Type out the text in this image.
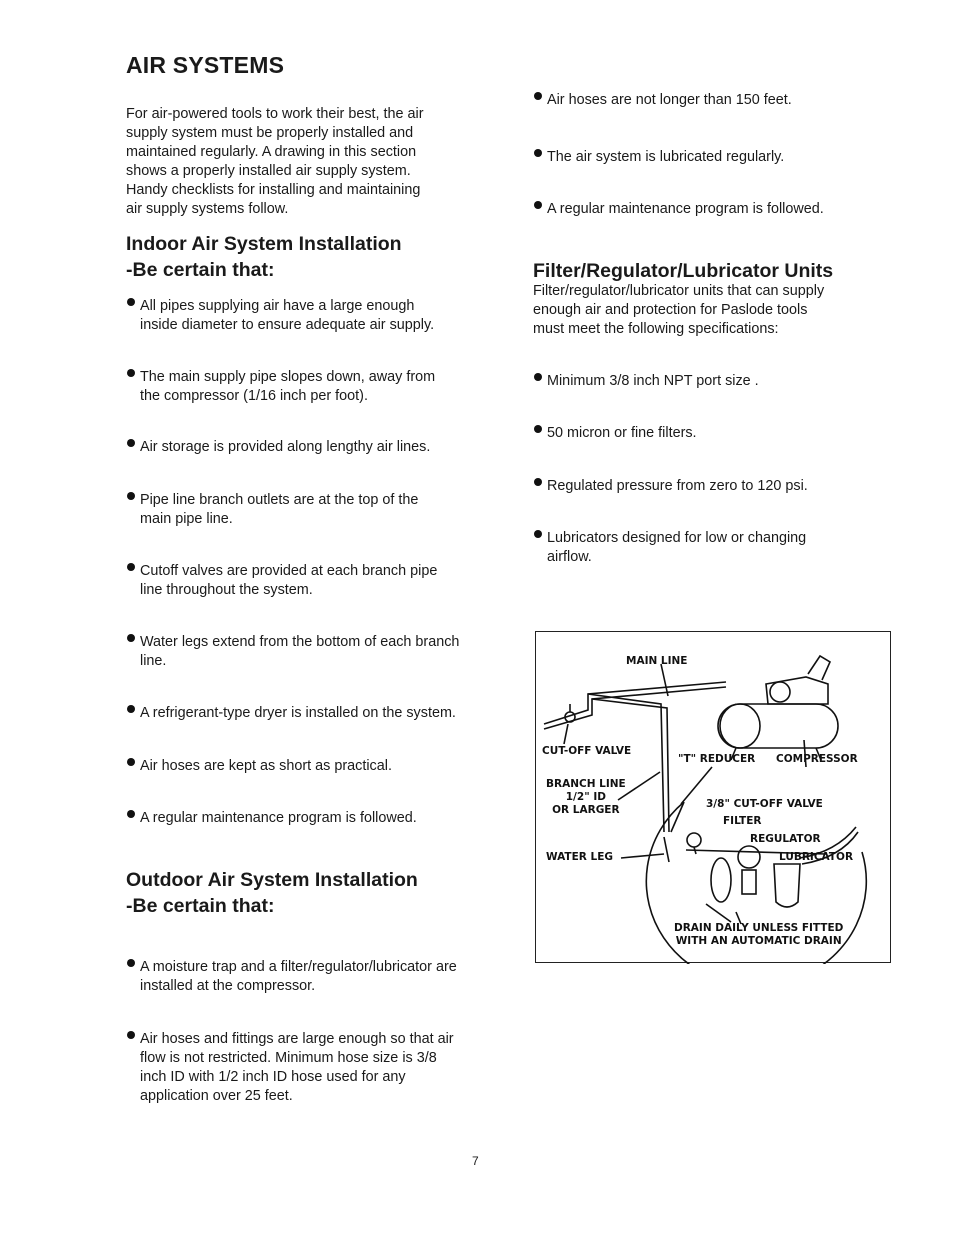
AIR SYSTEMS

For air-powered tools to work their best, the air
supply system must be properly installed and
maintained regularly. A drawing in this section
shows a properly installed air supply system.
Handy checklists for installing and maintaining
air supply systems follow.

Indoor Air System Installation
-Be certain that:
All pipes supplying air have a large enough
inside diameter to ensure adequate air supply.
The main supply pipe slopes down, away from
the compressor (1/16 inch per foot).
Air storage is provided along lengthy air lines.
Pipe line branch outlets are at the top of the
main pipe line.
Cutoff valves are provided at each branch pipe
line throughout the system.
Water legs extend from the bottom of each branch
line.
A refrigerant-type dryer is installed on the system.
Air hoses are kept as short as practical.
A regular maintenance program is followed.
Outdoor Air System Installation
-Be certain that:
A moisture trap and a filter/regulator/lubricator are
installed at the compressor.
Air hoses and fittings are large enough so that air
flow is not restricted. Minimum hose size is 3/8
inch ID with 1/2 inch ID hose used for any
application over 25 feet.
Air hoses are not longer than 150 feet.
The air system is lubricated regularly.
A regular maintenance program is followed.
Filter/Regulator/Lubricator Units

Filter/regulator/lubricator units that can supply
enough air and protection for Paslode tools
must meet the following specifications:

Minimum 3/8 inch NPT port size .
50 micron or fine filters.
Regulated pressure from zero to 120 psi.
Lubricators designed for low or changing
airflow.
MAIN LINE
CUT-OFF VALVE
"T" REDUCER COMPRESSOR
BRANCH LINE
1/2" ID
OR LARGER	3/8" CUT-OFF VALVE
FILTER
REGULATOR
WATER LEG	LUBRICATOR
DRAIN DAILY UNLESS FITTED
WITH AN AUTOMATIC DRAIN
7
